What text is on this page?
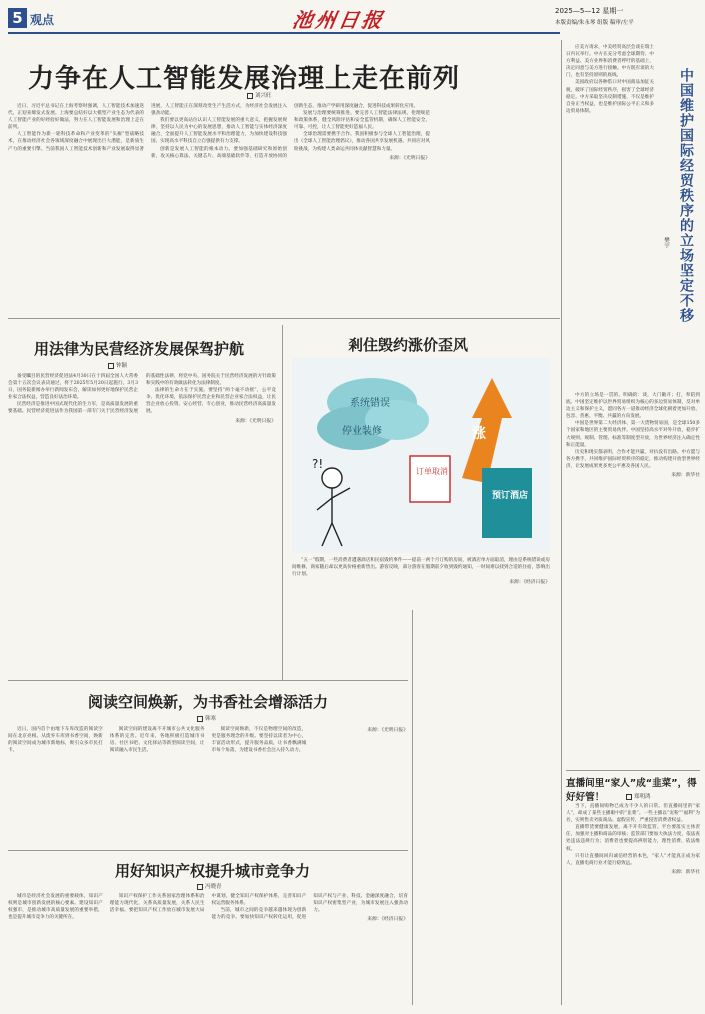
5 观点	池州日报	2025—5—12 星期一
本版责编/朱永琴 组版 稿审/左平
力争在人工智能发展治理上走在前列
刘兴旺

近日，习近平总书记在上海考察时强调，人工智能技术加速迭代，正迎来爆发式发展。上海要总结好以大模型产业生态为代表的人工智能产业的好经验好做法，努力在人工智能发展和治理上走在前列。

人工智能作为新一轮科技革命和产业变革的“头雁”型战略技术，在推动经济社会各领域深度融合中展现出巨大潜能，是新质生产力的重要引擎。当前我国人工智能技术创新和产业发展取得显著进展，人工智能正在深刻改变生产生活方式，为经济社会发展注入强劲动能。

我们要以更高站位认识人工智能发展的重大意义，把握发展规律，坚持以人民为中心的发展思想，推动人工智能与实体经济深度融合，全面提升人工智能发展水平和治理能力，为加快建设科技强国、实现高水平科技自立自强提供有力支撑。

创新是发展人工智能的根本动力。要加强基础研究和原始创新，攻关核心算法、关键芯片、高端基础软件等，打造开放协同的创新生态，推动产学研用深度融合，促进科技成果转化应用。

发展与治理要统筹推进。要完善人工智能法律法规、伦理规范和政策体系，健全风险评估和安全监管机制，确保人工智能安全、可靠、可控，让人工智能更好造福人民。

全球治理需要携手合作。我国积极参与全球人工智能治理，提出《全球人工智能治理倡议》，推动各国共享发展机遇、共同应对风险挑战，为构建人类命运共同体贡献智慧和力量。

来源：《光明日报》
用法律为民营经济发展保驾护航
钟颖

备受瞩目的民营经济促进法4月30日在十四届全国人大常委会第十五次会议表决通过，将于2025年5月20日起施行。3月3日，国务院新闻办举行新闻发布会，解读如何更好地保护民营企业家合法权益，营造良好法治环境。

民营经济是推进中国式现代化的生力军，是高质量发展的重要基础。民营经济促进法作为我国第一部专门关于民营经济发展的基础性法律，将党中央、国务院关于民营经济发展的方针政策和实践中的有效做法转化为法律制度。

法律的生命力在于实施。要坚持“两个毫不动摇”，公平竞争、优化环境，依法保护民营企业和民营企业家合法权益，让民营企业放心投资、安心经营、专心创业，推动民营经济高质量发展。

来源：《光明日报》
剎住毁约涨价歪风
系统错误
停业装修	涨
预订酒店
订单取消
?!

“五一”假期，一些消费者遭遇酒店和民宿毁约事件——提前一两个月订购的房间，被酒店单方面取消，理由是系统错误或房间维修，商家随后却以更高价格重新售出。游客反映，部分游客在假期前夕收到毁约通知，一时间难以找到合适的住宿，影响出行计划。

来源：《经济日报》
阅读空间焕新，为书香社会增添活力
韩寒

近日，国内首个由地下车库改造的阅读空间在北京亮相。从废弃车库到书香空间，焕新的阅读空间成为城市新地标，吸引众多市民打卡。

阅读空间的建设离不开城市公共文化服务体系的完善。近年来，各地积极打造城市书房、社区书吧、文化驿站等新型阅读空间，让阅读融入市民生活。

阅读空间焕新，不仅是物理空间的改造，更是服务理念的升级。要坚持以读者为中心，丰富活动形式，提升服务品质，让书香飘满城市每个角落，为建设书香社会注入持久动力。

来源：《光明日报》
用好知识产权提升城市竞争力
冯晓青

城市是经济社会发展的重要载体，知识产权则是城市创新发展的核心要素。建设知识产权强市，是推动城市高质量发展的重要举措，也是提升城市竞争力的关键所在。

知识产权保护工作关系国家治理体系和治理能力现代化，关系高质量发展，关系人民生活幸福。要把知识产权工作放在城市发展大局中谋划，健全知识产权保护体系，完善知识产权运营服务体系。

当前，城市之间的竞争越来越体现为创新能力的竞争。要加快知识产权转化运用，促进知识产权与产业、科技、金融深度融合，培育知识产权密集型产业，为城市发展注入强劲动力。

来源：《经济日报》
中国维护国际经贸秩序的立场坚定不移
樊宇

应美方请求，中美经贸高层会谈在瑞士日内瓦举行。中方在充分考虑全球期待、中方利益、美方业界和消费者呼吁的基础上，决定同意与美方进行接触。中方既有谈的大门，也有坚持原则的底线。

美国政府以各种借口对中国商品加征关税，破坏了国际经贸秩序，损害了全球经济稳定。中方采取坚决反制措施，不仅是维护自身正当权益，也是维护国际公平正义和多边贸易体制。

中方的立场是一贯的、明确的：谈，大门敞开；打，奉陪到底。中国坚定维护以世界贸易组织为核心的多边贸易体制，反对单边主义和保护主义，愿同各方一道推动经济全球化朝着更加开放、包容、普惠、平衡、共赢的方向发展。

中国是世界第二大经济体、第一大货物贸易国，是全球150多个国家和地区的主要贸易伙伴。中国坚持高水平对外开放，稳步扩大规则、规制、管理、标准等制度型开放，为世界经济注入确定性和正能量。

历史和现实都表明，合作才能共赢，对抗没有出路。中方愿与各方携手，共同维护国际经贸秩序的稳定，推动构建开放型世界经济，让发展成果更多更公平惠及各国人民。

来源：新华社
直播间里“家人”成“韭菜”，得好好管！	郑明鸿

当下，直播间购物已成为不少人的日常。但直播间里的“家人”，却成了某些主播眼中的“韭菜”。一些主播以“宠粉”“福利”为名，实则售卖劣质商品、虚假宣传，严重侵害消费者权益。

直播带货要健康发展，离不开有效监管。平台要落实主体责任，加强对主播和商品的审核；监管部门要加大执法力度，依法查处违法违规行为；消费者也要提高辨别能力，理性消费、依法维权。

只有让直播间回归诚信经营的本色，“家人”才能真正成为家人，直播电商行业才能行稳致远。

来源：新华社
